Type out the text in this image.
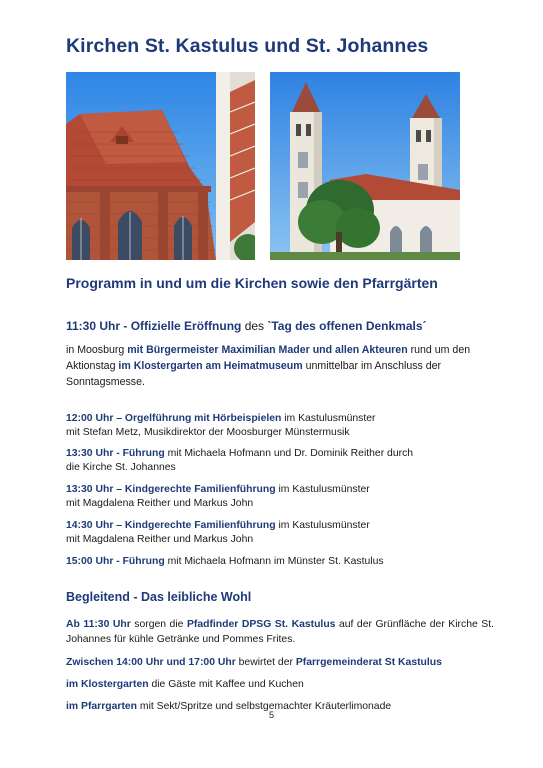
Kirchen St. Kastulus und St. Johannes
Programm in und um die Kirchen sowie den Pfarrgärten
11:30 Uhr - Offizielle Eröffnung des `Tag des offenen Denkmals´
in Moosburg mit Bürgermeister Maximilian Mader und allen Akteuren rund um den Aktionstag im Klostergarten am Heimatmuseum unmittelbar im Anschluss der Sonntagsmesse.
12:00 Uhr – Orgelführung mit Hörbeispielen im Kastulusmünster
mit Stefan Metz, Musikdirektor der Moosburger Münstermusik
13:30 Uhr - Führung mit Michaela Hofmann und Dr. Dominik Reither durch
die Kirche St. Johannes
13:30 Uhr – Kindgerechte Familienführung im Kastulusmünster
mit Magdalena Reither und Markus John
14:30 Uhr – Kindgerechte Familienführung im Kastulusmünster
mit Magdalena Reither und Markus John
15:00 Uhr - Führung mit Michaela Hofmann im Münster St. Kastulus
Begleitend - Das leibliche Wohl
Ab 11:30 Uhr sorgen die Pfadfinder DPSG St. Kastulus auf der Grünfläche der Kirche St. Johannes für kühle Getränke und Pommes Frites.
Zwischen 14:00 Uhr und 17:00 Uhr bewirtet der Pfarrgemeinderat St Kastulus
im Klostergarten die Gäste mit Kaffee und Kuchen
im Pfarrgarten mit Sekt/Spritze und selbstgemachter Kräuterlimonade
5
